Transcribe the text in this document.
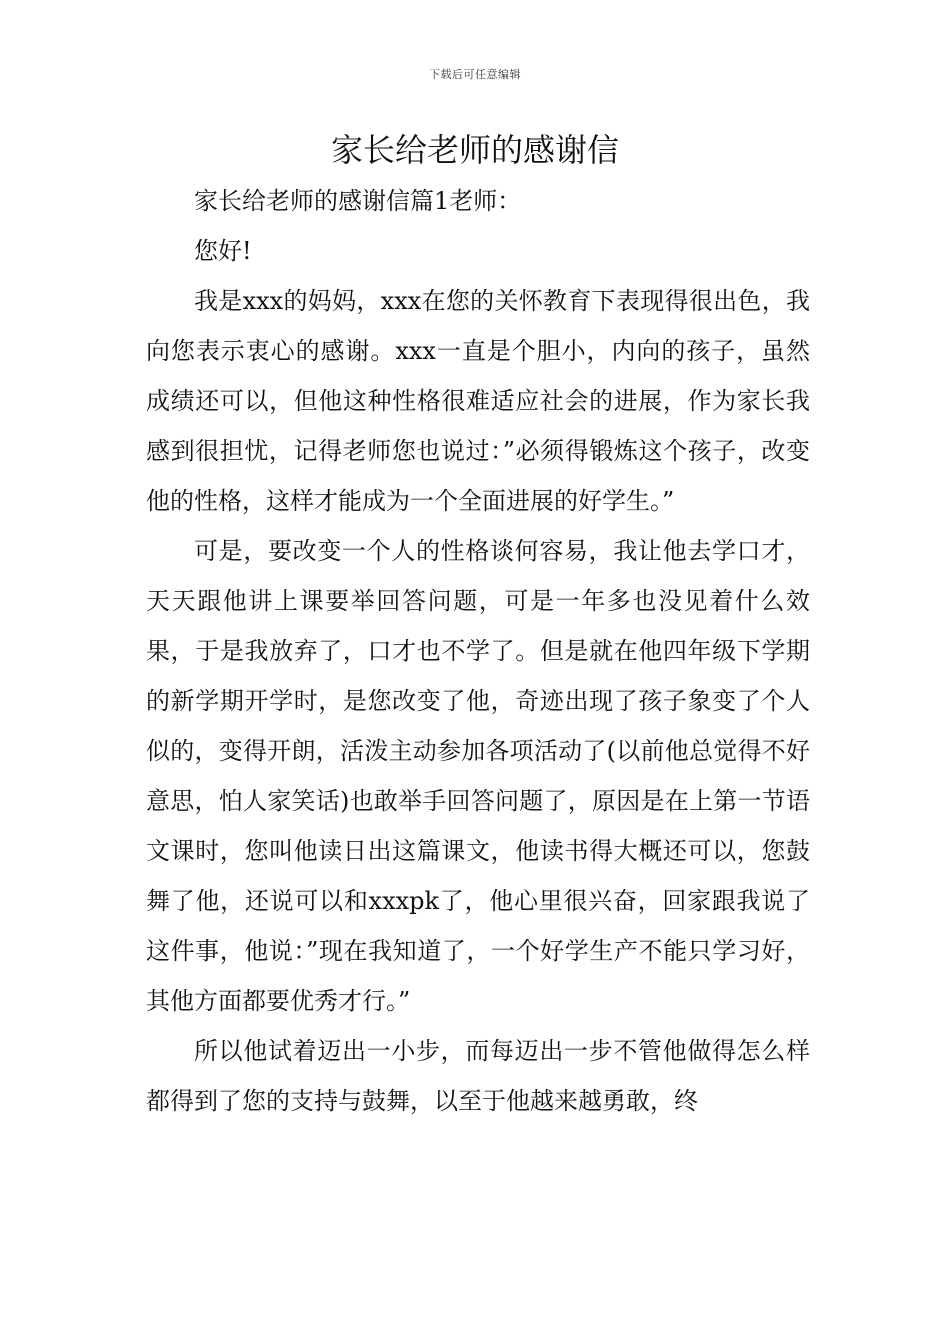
下载后可任意编辑
家长给老师的感谢信

家长给老师的感谢信篇1老师：

您好!

我是xxx的妈妈，xxx在您的关怀教育下表现得很出色，我向您表示衷心的感谢。xxx一直是个胆小，内向的孩子，虽然成绩还可以，但他这种性格很难适应社会的进展，作为家长我感到很担忧，记得老师您也说过：”必须得锻炼这个孩子，改变他的性格，这样才能成为一个全面进展的好学生。”

可是，要改变一个人的性格谈何容易，我让他去学口才，天天跟他讲上课要举回答问题，可是一年多也没见着什么效果，于是我放弃了，口才也不学了。但是就在他四年级下学期的新学期开学时，是您改变了他，奇迹出现了孩子象变了个人似的，变得开朗，活泼主动参加各项活动了(以前他总觉得不好意思，怕人家笑话)也敢举手回答问题了，原因是在上第一节语文课时，您叫他读日出这篇课文，他读书得大概还可以，您鼓舞了他，还说可以和xxxpk了，他心里很兴奋，回家跟我说了这件事，他说：”现在我知道了，一个好学生产不能只学习好，其他方面都要优秀才行。”

所以他试着迈出一小步，而每迈出一步不管他做得怎么样都得到了您的支持与鼓舞，以至于他越来越勇敢，终
